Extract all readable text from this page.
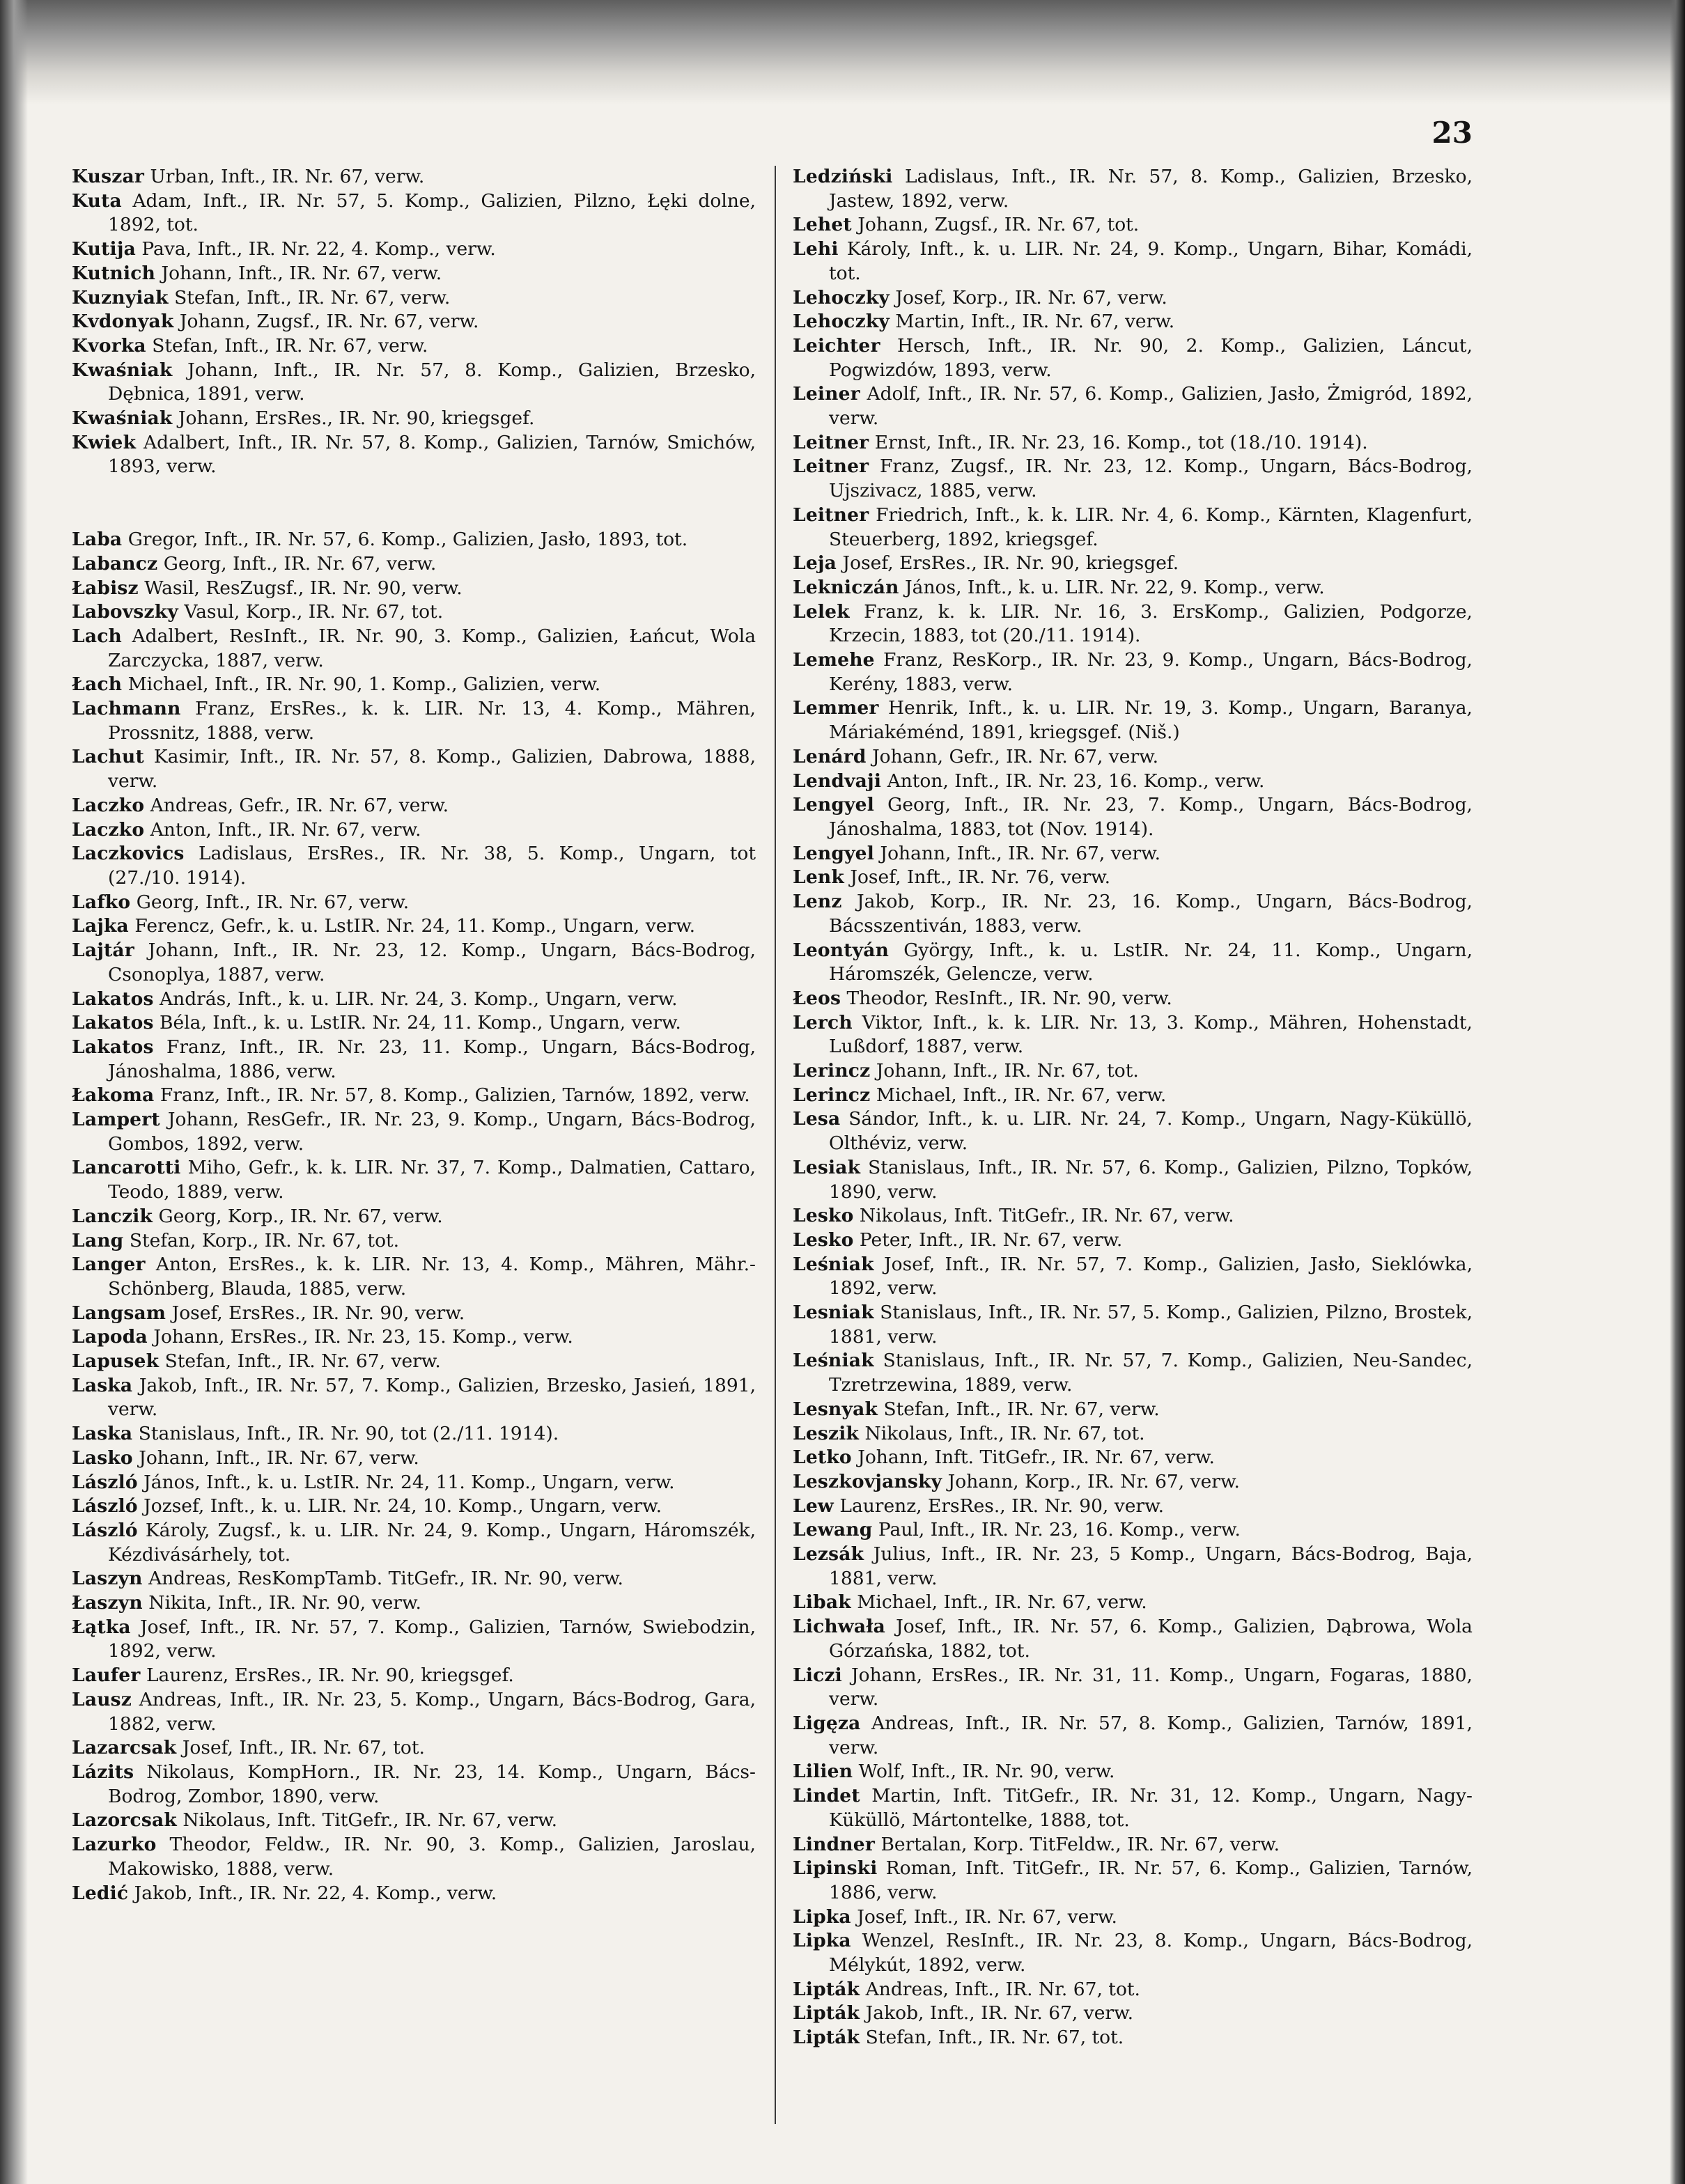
23

Kuszar Urban, Inft., IR. Nr. 67, verw.

Kuta Adam, Inft., IR. Nr. 57, 5. Komp., Galizien, Pilzno, Łęki dolne, 1892, tot.

Kutija Pava, Inft., IR. Nr. 22, 4. Komp., verw.

Kutnich Johann, Inft., IR. Nr. 67, verw.

Kuznyiak Stefan, Inft., IR. Nr. 67, verw.

Kvdonyak Johann, Zugsf., IR. Nr. 67, verw.

Kvorka Stefan, Inft., IR. Nr. 67, verw.

Kwaśniak Johann, Inft., IR. Nr. 57, 8. Komp., Galizien, Brzesko, Dębnica, 1891, verw.

Kwaśniak Johann, ErsRes., IR. Nr. 90, kriegsgef.

Kwiek Adalbert, Inft., IR. Nr. 57, 8. Komp., Galizien, Tarnów, Smichów, 1893, verw.

Laba Gregor, Inft., IR. Nr. 57, 6. Komp., Galizien, Jasło, 1893, tot.

Labancz Georg, Inft., IR. Nr. 67, verw.

Łabisz Wasil, ResZugsf., IR. Nr. 90, verw.

Labovszky Vasul, Korp., IR. Nr. 67, tot.

Lach Adalbert, ResInft., IR. Nr. 90, 3. Komp., Galizien, Łańcut, Wola Zarczycka, 1887, verw.

Łach Michael, Inft., IR. Nr. 90, 1. Komp., Galizien, verw.

Lachmann Franz, ErsRes., k. k. LIR. Nr. 13, 4. Komp., Mähren, Prossnitz, 1888, verw.

Lachut Kasimir, Inft., IR. Nr. 57, 8. Komp., Galizien, Dabrowa, 1888, verw.

Laczko Andreas, Gefr., IR. Nr. 67, verw.

Laczko Anton, Inft., IR. Nr. 67, verw.

Laczkovics Ladislaus, ErsRes., IR. Nr. 38, 5. Komp., Ungarn, tot (27./10. 1914).

Lafko Georg, Inft., IR. Nr. 67, verw.

Lajka Ferencz, Gefr., k. u. LstIR. Nr. 24, 11. Komp., Ungarn, verw.

Lajtár Johann, Inft., IR. Nr. 23, 12. Komp., Ungarn, Bács-Bodrog, Csonoplya, 1887, verw.

Lakatos András, Inft., k. u. LIR. Nr. 24, 3. Komp., Ungarn, verw.

Lakatos Béla, Inft., k. u. LstIR. Nr. 24, 11. Komp., Ungarn, verw.

Lakatos Franz, Inft., IR. Nr. 23, 11. Komp., Ungarn, Bács-Bodrog, Jánoshalma, 1886, verw.

Łakoma Franz, Inft., IR. Nr. 57, 8. Komp., Galizien, Tarnów, 1892, verw.

Lampert Johann, ResGefr., IR. Nr. 23, 9. Komp., Ungarn, Bács-Bodrog, Gombos, 1892, verw.

Lancarotti Miho, Gefr., k. k. LIR. Nr. 37, 7. Komp., Dalmatien, Cattaro, Teodo, 1889, verw.

Lanczik Georg, Korp., IR. Nr. 67, verw.

Lang Stefan, Korp., IR. Nr. 67, tot.

Langer Anton, ErsRes., k. k. LIR. Nr. 13, 4. Komp., Mähren, Mähr.-Schönberg, Blauda, 1885, verw.

Langsam Josef, ErsRes., IR. Nr. 90, verw.

Lapoda Johann, ErsRes., IR. Nr. 23, 15. Komp., verw.

Lapusek Stefan, Inft., IR. Nr. 67, verw.

Laska Jakob, Inft., IR. Nr. 57, 7. Komp., Galizien, Brzesko, Jasień, 1891, verw.

Laska Stanislaus, Inft., IR. Nr. 90, tot (2./11. 1914).

Lasko Johann, Inft., IR. Nr. 67, verw.

László János, Inft., k. u. LstIR. Nr. 24, 11. Komp., Ungarn, verw.

László Jozsef, Inft., k. u. LIR. Nr. 24, 10. Komp., Ungarn, verw.

László Károly, Zugsf., k. u. LIR. Nr. 24, 9. Komp., Ungarn, Háromszék, Kézdivásárhely, tot.

Laszyn Andreas, ResKompTamb. TitGefr., IR. Nr. 90, verw.

Łaszyn Nikita, Inft., IR. Nr. 90, verw.

Łątka Josef, Inft., IR. Nr. 57, 7. Komp., Galizien, Tarnów, Swiebodzin, 1892, verw.

Laufer Laurenz, ErsRes., IR. Nr. 90, kriegsgef.

Lausz Andreas, Inft., IR. Nr. 23, 5. Komp., Ungarn, Bács-Bodrog, Gara, 1882, verw.

Lazarcsak Josef, Inft., IR. Nr. 67, tot.

Lázits Nikolaus, KompHorn., IR. Nr. 23, 14. Komp., Ungarn, Bács-Bodrog, Zombor, 1890, verw.

Lazorcsak Nikolaus, Inft. TitGefr., IR. Nr. 67, verw.

Lazurko Theodor, Feldw., IR. Nr. 90, 3. Komp., Galizien, Jaroslau, Makowisko, 1888, verw.

Ledić Jakob, Inft., IR. Nr. 22, 4. Komp., verw.

Ledziński Ladislaus, Inft., IR. Nr. 57, 8. Komp., Galizien, Brzesko, Jastew, 1892, verw.

Lehet Johann, Zugsf., IR. Nr. 67, tot.

Lehi Károly, Inft., k. u. LIR. Nr. 24, 9. Komp., Ungarn, Bihar, Komádi, tot.

Lehoczky Josef, Korp., IR. Nr. 67, verw.

Lehoczky Martin, Inft., IR. Nr. 67, verw.

Leichter Hersch, Inft., IR. Nr. 90, 2. Komp., Galizien, Láncut, Pogwizdów, 1893, verw.

Leiner Adolf, Inft., IR. Nr. 57, 6. Komp., Galizien, Jasło, Żmigród, 1892, verw.

Leitner Ernst, Inft., IR. Nr. 23, 16. Komp., tot (18./10. 1914).

Leitner Franz, Zugsf., IR. Nr. 23, 12. Komp., Ungarn, Bács-Bodrog, Ujszivacz, 1885, verw.

Leitner Friedrich, Inft., k. k. LIR. Nr. 4, 6. Komp., Kärnten, Klagenfurt, Steuerberg, 1892, kriegsgef.

Leja Josef, ErsRes., IR. Nr. 90, kriegsgef.

Lekniczán János, Inft., k. u. LIR. Nr. 22, 9. Komp., verw.

Lelek Franz, k. k. LIR. Nr. 16, 3. ErsKomp., Galizien, Podgorze, Krzecin, 1883, tot (20./11. 1914).

Lemehe Franz, ResKorp., IR. Nr. 23, 9. Komp., Ungarn, Bács-Bodrog, Kerény, 1883, verw.

Lemmer Henrik, Inft., k. u. LIR. Nr. 19, 3. Komp., Ungarn, Baranya, Máriakéménd, 1891, kriegsgef. (Niš.)

Lenárd Johann, Gefr., IR. Nr. 67, verw.

Lendvaji Anton, Inft., IR. Nr. 23, 16. Komp., verw.

Lengyel Georg, Inft., IR. Nr. 23, 7. Komp., Ungarn, Bács-Bodrog, Jánoshalma, 1883, tot (Nov. 1914).

Lengyel Johann, Inft., IR. Nr. 67, verw.

Lenk Josef, Inft., IR. Nr. 76, verw.

Lenz Jakob, Korp., IR. Nr. 23, 16. Komp., Ungarn, Bács-Bodrog, Bácsszentiván, 1883, verw.

Leontyán György, Inft., k. u. LstIR. Nr. 24, 11. Komp., Ungarn, Háromszék, Gelencze, verw.

Łeos Theodor, ResInft., IR. Nr. 90, verw.

Lerch Viktor, Inft., k. k. LIR. Nr. 13, 3. Komp., Mähren, Hohenstadt, Lußdorf, 1887, verw.

Lerincz Johann, Inft., IR. Nr. 67, tot.

Lerincz Michael, Inft., IR. Nr. 67, verw.

Lesa Sándor, Inft., k. u. LIR. Nr. 24, 7. Komp., Ungarn, Nagy-Küküllö, Olthéviz, verw.

Lesiak Stanislaus, Inft., IR. Nr. 57, 6. Komp., Galizien, Pilzno, Topków, 1890, verw.

Lesko Nikolaus, Inft. TitGefr., IR. Nr. 67, verw.

Lesko Peter, Inft., IR. Nr. 67, verw.

Leśniak Josef, Inft., IR. Nr. 57, 7. Komp., Galizien, Jasło, Sieklówka, 1892, verw.

Lesniak Stanislaus, Inft., IR. Nr. 57, 5. Komp., Galizien, Pilzno, Brostek, 1881, verw.

Leśniak Stanislaus, Inft., IR. Nr. 57, 7. Komp., Galizien, Neu-Sandec, Tzretrzewina, 1889, verw.

Lesnyak Stefan, Inft., IR. Nr. 67, verw.

Leszik Nikolaus, Inft., IR. Nr. 67, tot.

Letko Johann, Inft. TitGefr., IR. Nr. 67, verw.

Leszkovjansky Johann, Korp., IR. Nr. 67, verw.

Lew Laurenz, ErsRes., IR. Nr. 90, verw.

Lewang Paul, Inft., IR. Nr. 23, 16. Komp., verw.

Lezsák Julius, Inft., IR. Nr. 23, 5 Komp., Ungarn, Bács-Bodrog, Baja, 1881, verw.

Libak Michael, Inft., IR. Nr. 67, verw.

Lichwała Josef, Inft., IR. Nr. 57, 6. Komp., Galizien, Dąbrowa, Wola Górzańska, 1882, tot.

Liczi Johann, ErsRes., IR. Nr. 31, 11. Komp., Ungarn, Fogaras, 1880, verw.

Ligęza Andreas, Inft., IR. Nr. 57, 8. Komp., Galizien, Tarnów, 1891, verw.

Lilien Wolf, Inft., IR. Nr. 90, verw.

Lindet Martin, Inft. TitGefr., IR. Nr. 31, 12. Komp., Ungarn, Nagy-Küküllö, Mártontelke, 1888, tot.

Lindner Bertalan, Korp. TitFeldw., IR. Nr. 67, verw.

Lipinski Roman, Inft. TitGefr., IR. Nr. 57, 6. Komp., Galizien, Tarnów, 1886, verw.

Lipka Josef, Inft., IR. Nr. 67, verw.

Lipka Wenzel, ResInft., IR. Nr. 23, 8. Komp., Ungarn, Bács-Bodrog, Mélykút, 1892, verw.

Lipták Andreas, Inft., IR. Nr. 67, tot.

Lipták Jakob, Inft., IR. Nr. 67, verw.

Lipták Stefan, Inft., IR. Nr. 67, tot.
